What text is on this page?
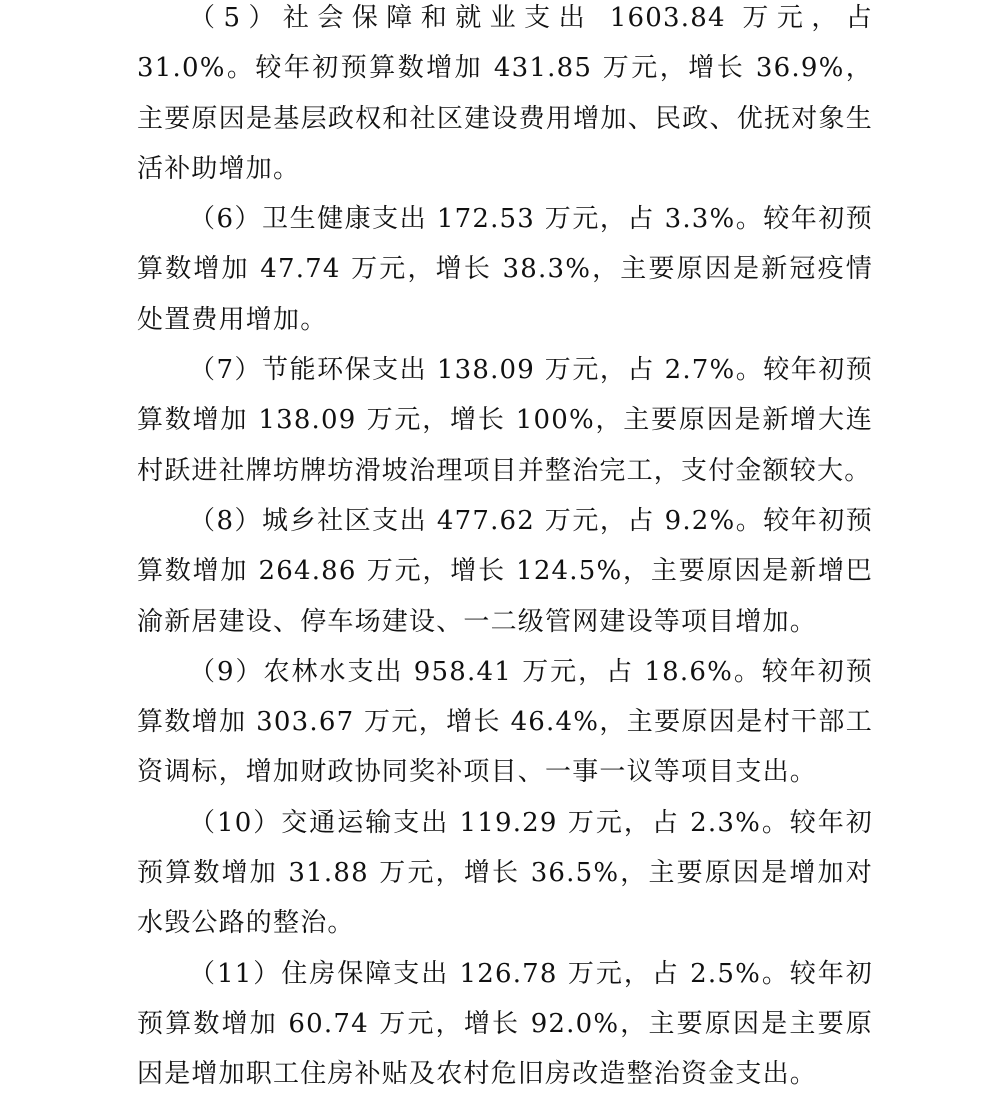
（5）社会保障和就业支出 1603.84 万元，占 31.0%。较年初预算数增加 431.85 万元，增长 36.9%，主要原因是基层政权和社区建设费用增加、民政、优抚对象生活补助增加。

（6）卫生健康支出 172.53 万元，占 3.3%。较年初预算数增加 47.74 万元，增长 38.3%，主要原因是新冠疫情处置费用增加。

（7）节能环保支出 138.09 万元，占 2.7%。较年初预算数增加 138.09 万元，增长 100%，主要原因是新增大连村跃进社牌坊牌坊滑坡治理项目并整治完工，支付金额较大。

（8）城乡社区支出 477.62 万元，占 9.2%。较年初预算数增加 264.86 万元，增长 124.5%，主要原因是新增巴渝新居建设、停车场建设、一二级管网建设等项目增加。

（9）农林水支出 958.41 万元，占 18.6%。较年初预算数增加 303.67 万元，增长 46.4%，主要原因是村干部工资调标，增加财政协同奖补项目、一事一议等项目支出。

（10）交通运输支出 119.29 万元，占 2.3%。较年初预算数增加 31.88 万元，增长 36.5%，主要原因是增加对水毁公路的整治。

（11）住房保障支出 126.78 万元，占 2.5%。较年初预算数增加 60.74 万元，增长 92.0%，主要原因是主要原因是增加职工住房补贴及农村危旧房改造整治资金支出。
